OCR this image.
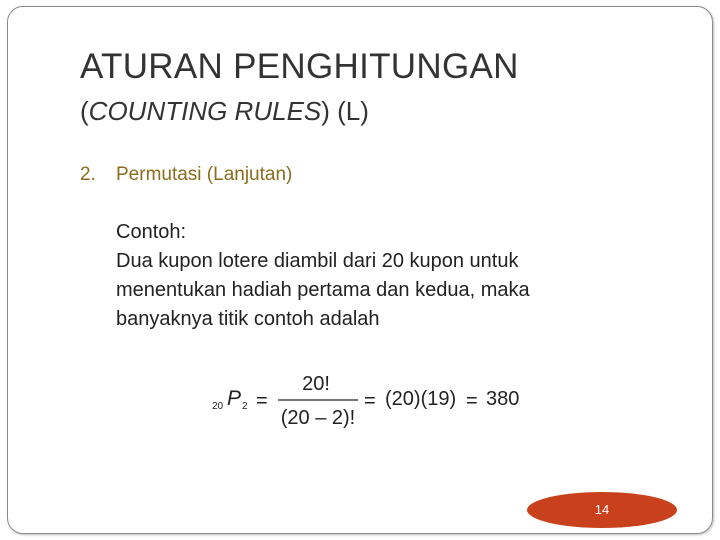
ATURAN PENGHITUNGAN
(COUNTING RULES) (L)
2. Permutasi (Lanjutan)
Contoh:
Dua kupon lotere diambil dari 20 kupon untuk
menentukan hadiah pertama dan kedua, maka
banyaknya titik contoh adalah
20 P 2 =
20!
(20 – 2)!
= (20)(19) = 380
14
